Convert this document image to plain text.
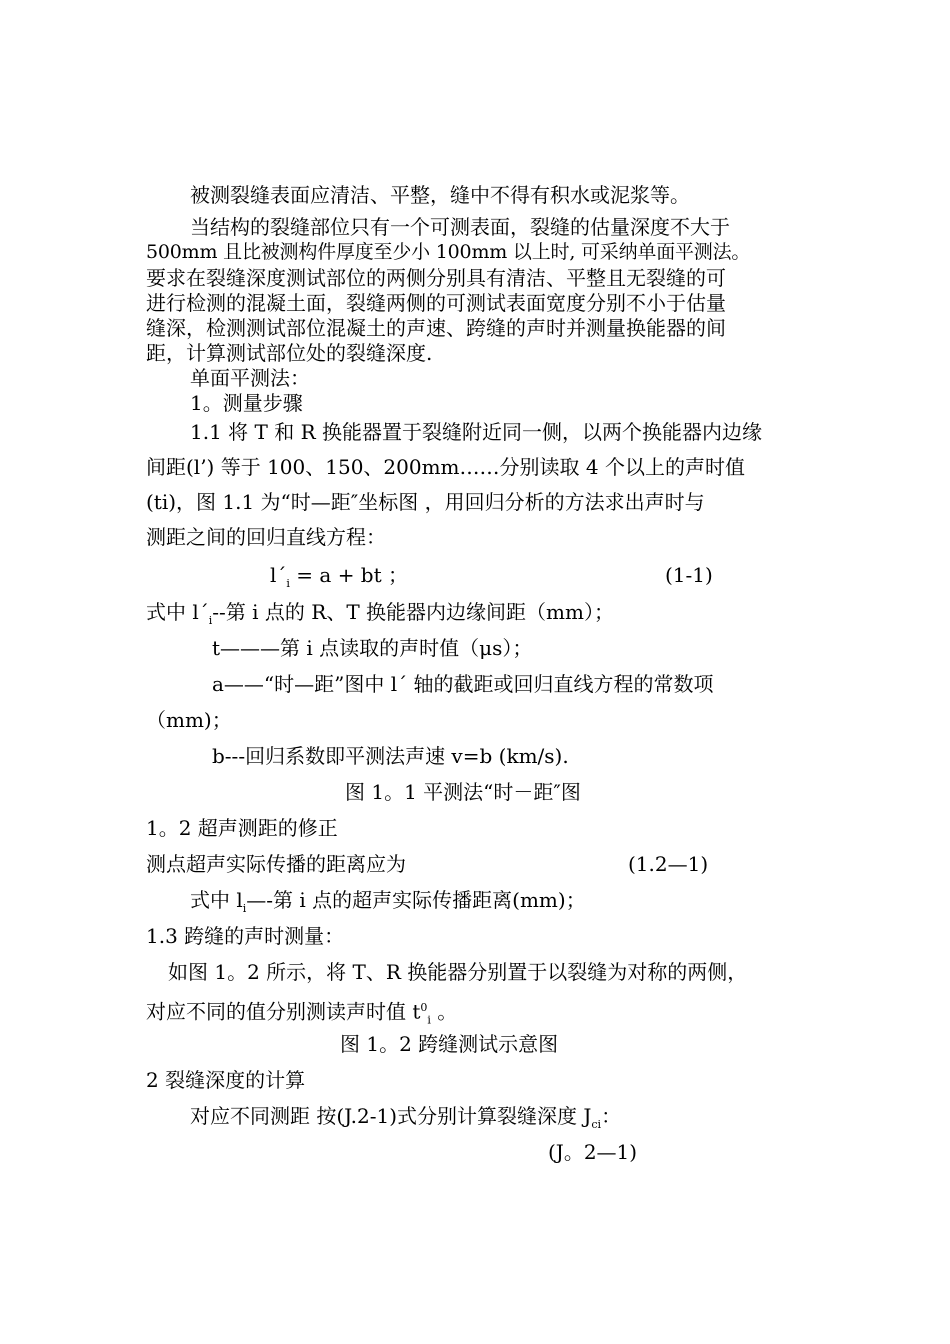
被测裂缝表面应清洁、平整，缝中不得有积水或泥浆等。
当结构的裂缝部位只有一个可测表面，裂缝的估量深度不大于
500mm 且比被测构件厚度至少小 100mm 以上时, 可采纳单面平测法。
要求在裂缝深度测试部位的两侧分别具有清洁、平整且无裂缝的可
进行检测的混凝土面，裂缝两侧的可测试表面宽度分别不小于估量
缝深，检测测试部位混凝土的声速、跨缝的声时并测量换能器的间
距，计算测试部位处的裂缝深度.
单面平测法：
1。测量步骤
1.1 将 T 和 R 换能器置于裂缝附近同一侧，以两个换能器内边缘
间距(l’) 等于 100、150、200mm……分别读取 4 个以上的声时值
(ti)，图 1.1 为“时—距″坐标图 ，用回归分析的方法求出声时与
测距之间的回归直线方程：
$l´_i = a$ + bt ；	(1-1)
式中 $l´_i--$第 i 点的 R、T 换能器内边缘间距（mm）；
t———第 i 点读取的声时值（μs）；
a——“时—距”图中 l´ 轴的截距或回归直线方程的常数项
（mm)；
b---回归系数即平测法声速 v=b (km/s).
图 1。1 平测法“时－距″图
1。2 超声测距的修正
测点超声实际传播的距离应为	(1.2—1)
式中 $l_i—-$第 i 点的超声实际传播距离(mm)；
1.3 跨缝的声时测量：
如图 1。2 所示，将 T、R 换能器分别置于以裂缝为对称的两侧，
对应不同的值分别测读声时值 $t^0_i$ 。
图 1。2 跨缝测试示意图
2 裂缝深度的计算
对应不同测距 按(J.2-1)式分别计算裂缝深度 $J_{ci}$：
(J。2—1)
